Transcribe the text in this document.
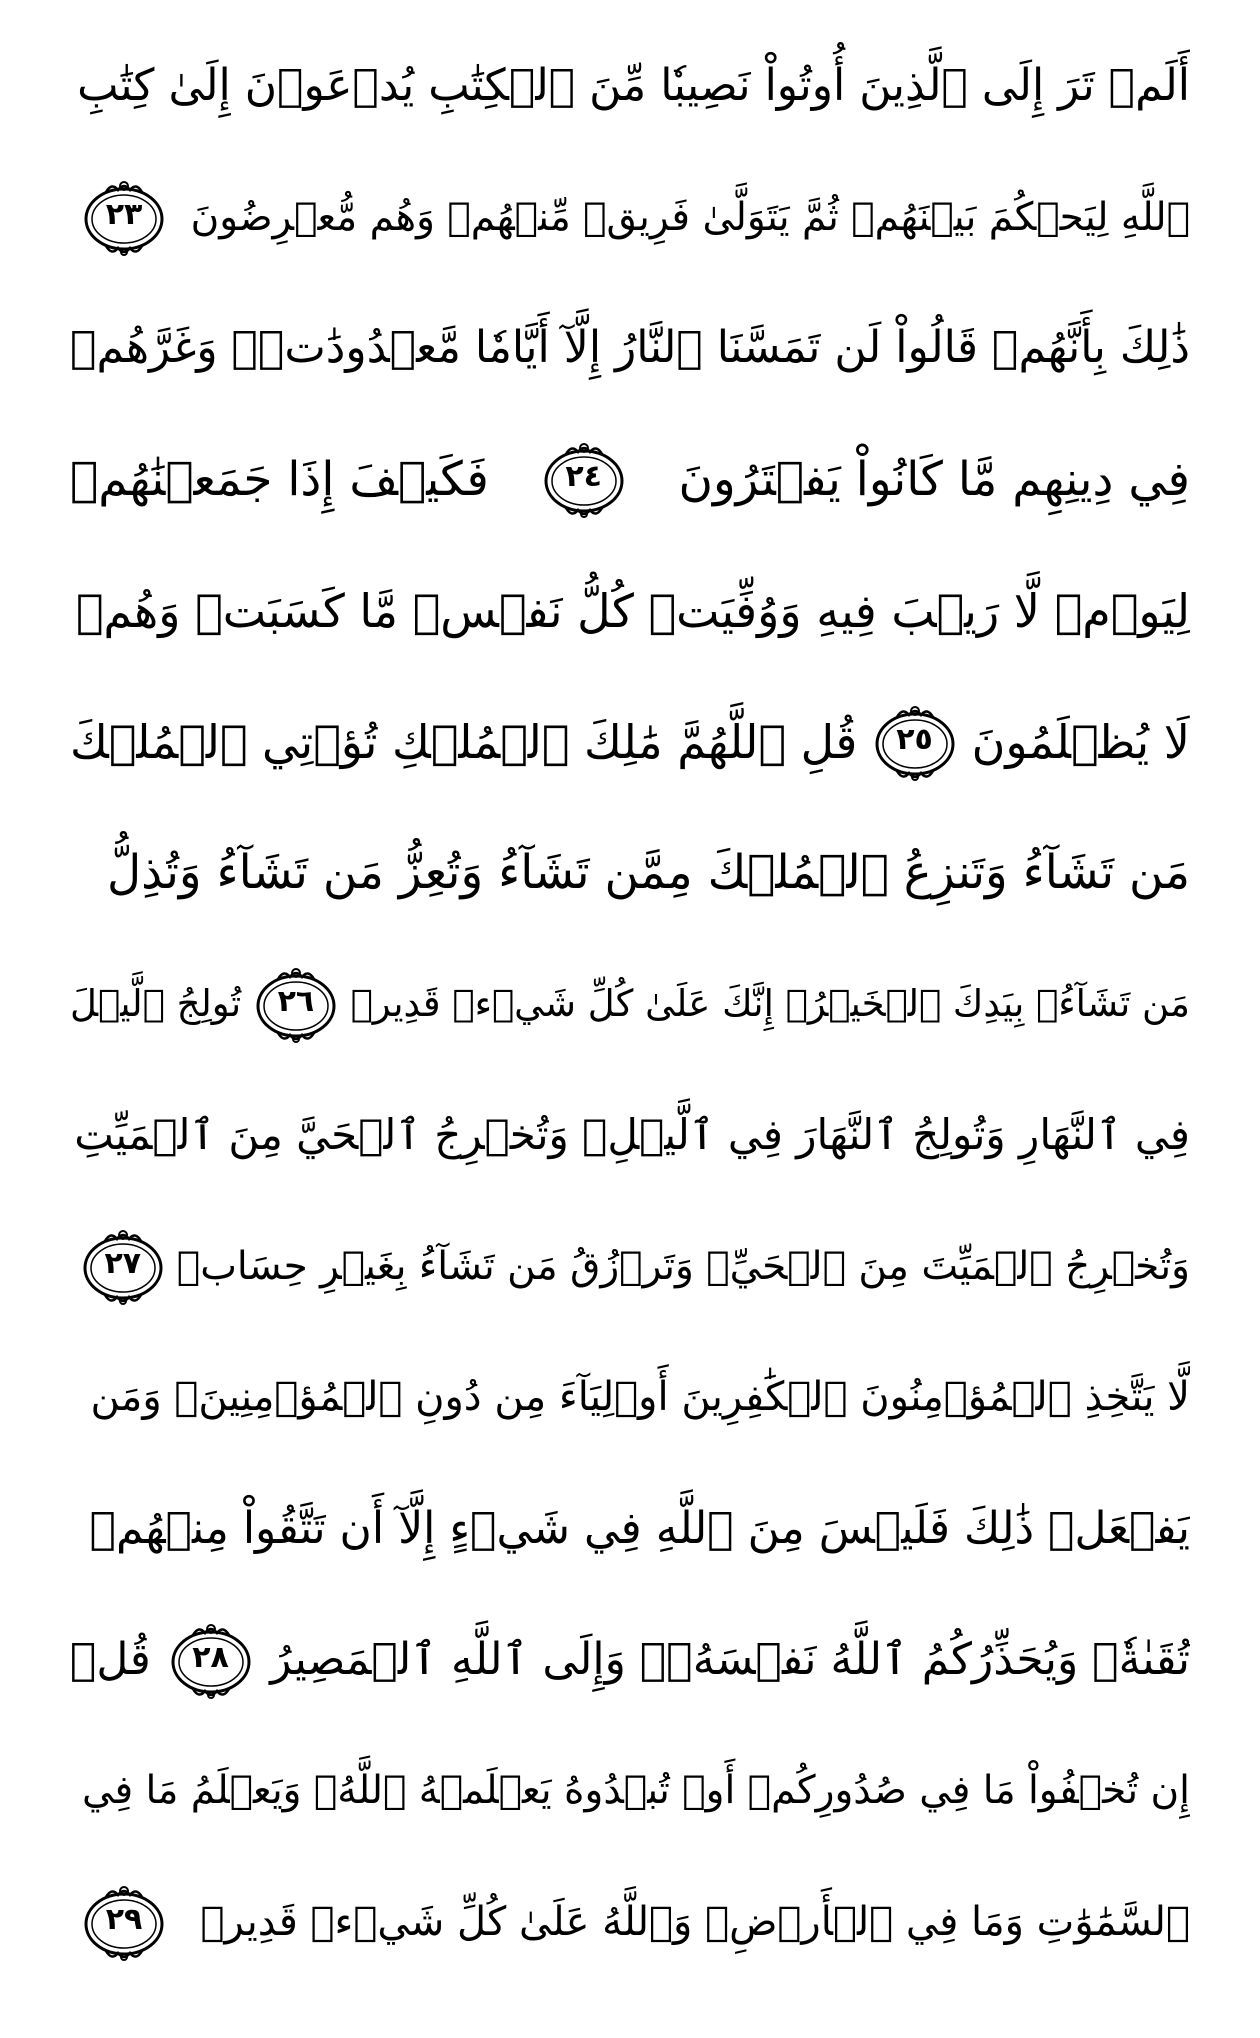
أَلَمۡ تَرَ إِلَى ٱلَّذِينَ أُوتُواْ نَصِيبٗا مِّنَ ٱلۡكِتَٰبِ يُدۡعَوۡنَ إِلَىٰ كِتَٰبِ
ٱللَّهِ لِيَحۡكُمَ بَيۡنَهُمۡ ثُمَّ يَتَوَلَّىٰ فَرِيقٞ مِّنۡهُمۡ وَهُم مُّعۡرِضُونَ
٢٣
ذَٰلِكَ بِأَنَّهُمۡ قَالُواْ لَن تَمَسَّنَا ٱلنَّارُ إِلَّآ أَيَّامٗا مَّعۡدُودَٰتٖۖ وَغَرَّهُمۡ
فِي دِينِهِم مَّا كَانُواْ يَفۡتَرُونَ
٢٤
فَكَيۡفَ إِذَا جَمَعۡنَٰهُمۡ
لِيَوۡمٖ لَّا رَيۡبَ فِيهِ وَوُفِّيَتۡ كُلُّ نَفۡسٖ مَّا كَسَبَتۡ وَهُمۡ
لَا يُظۡلَمُونَ
٢٥
قُلِ ٱللَّهُمَّ مَٰلِكَ ٱلۡمُلۡكِ تُؤۡتِي ٱلۡمُلۡكَ
مَن تَشَآءُ وَتَنزِعُ ٱلۡمُلۡكَ مِمَّن تَشَآءُ وَتُعِزُّ مَن تَشَآءُ وَتُذِلُّ
مَن تَشَآءُۖ بِيَدِكَ ٱلۡخَيۡرُۖ إِنَّكَ عَلَىٰ كُلِّ شَيۡءٖ قَدِيرٞ
٢٦
تُولِجُ ٱلَّيۡلَ
فِي ٱلنَّهَارِ وَتُولِجُ ٱلنَّهَارَ فِي ٱلَّيۡلِۖ وَتُخۡرِجُ ٱلۡحَيَّ مِنَ ٱلۡمَيِّتِ
وَتُخۡرِجُ ٱلۡمَيِّتَ مِنَ ٱلۡحَيِّۖ وَتَرۡزُقُ مَن تَشَآءُ بِغَيۡرِ حِسَابٖ
٢٧
لَّا يَتَّخِذِ ٱلۡمُؤۡمِنُونَ ٱلۡكَٰفِرِينَ أَوۡلِيَآءَ مِن دُونِ ٱلۡمُؤۡمِنِينَۖ وَمَن
يَفۡعَلۡ ذَٰلِكَ فَلَيۡسَ مِنَ ٱللَّهِ فِي شَيۡءٍ إِلَّآ أَن تَتَّقُواْ مِنۡهُمۡ
تُقَىٰةٗۗ وَيُحَذِّرُكُمُ ٱللَّهُ نَفۡسَهُۥۗ وَإِلَى ٱللَّهِ ٱلۡمَصِيرُ
٢٨
قُلۡ
إِن تُخۡفُواْ مَا فِي صُدُورِكُمۡ أَوۡ تُبۡدُوهُ يَعۡلَمۡهُ ٱللَّهُۗ وَيَعۡلَمُ مَا فِي
ٱلسَّمَٰوَٰتِ وَمَا فِي ٱلۡأَرۡضِۗ وَٱللَّهُ عَلَىٰ كُلِّ شَيۡءٖ قَدِيرٞ
٢٩
